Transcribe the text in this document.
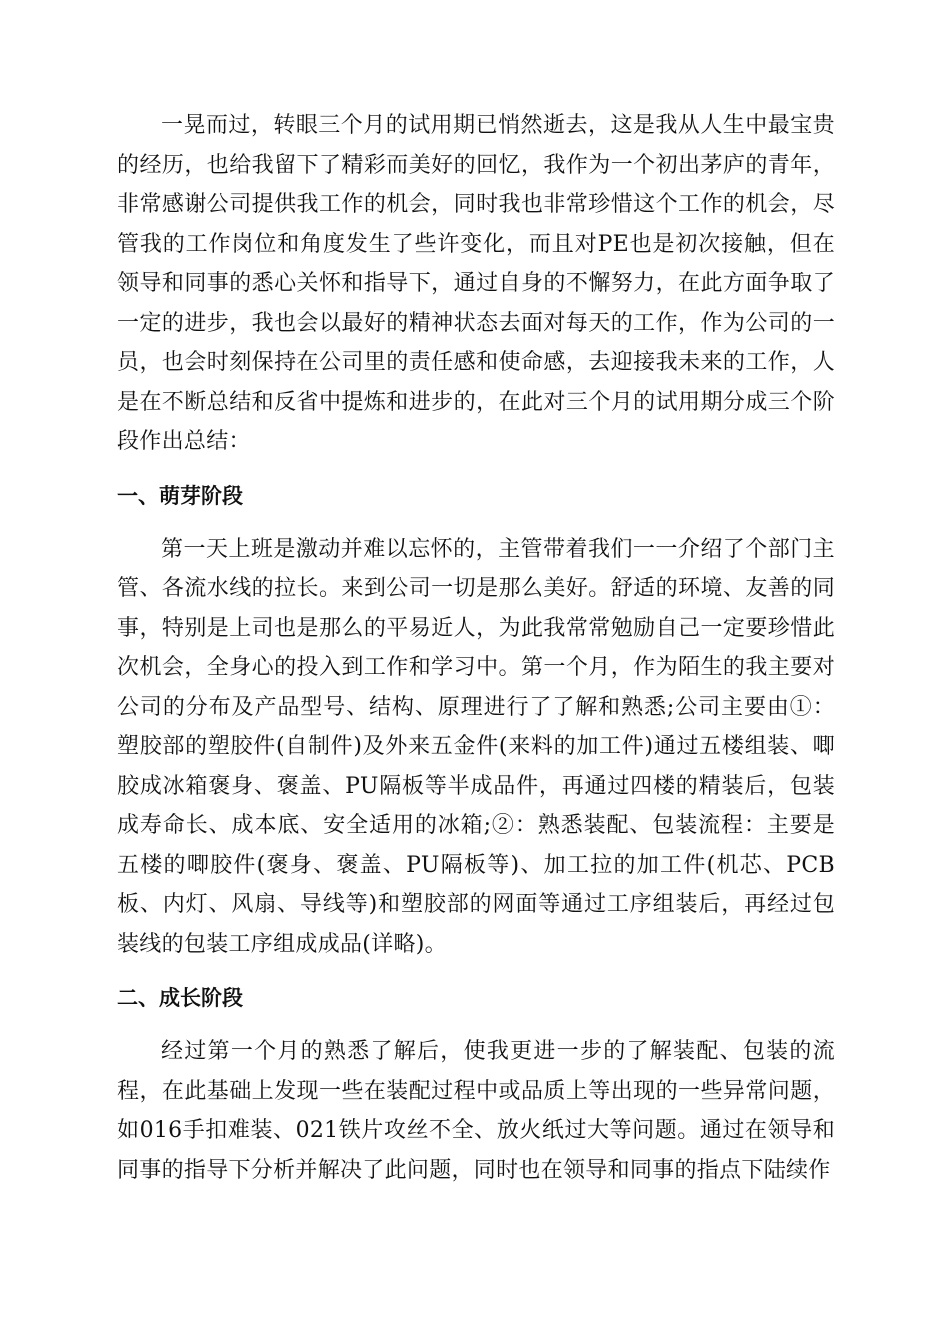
一晃而过，转眼三个月的试用期已悄然逝去，这是我从人生中最宝贵的经历，也给我留下了精彩而美好的回忆，我作为一个初出茅庐的青年，非常感谢公司提供我工作的机会，同时我也非常珍惜这个工作的机会，尽管我的工作岗位和角度发生了些许变化，而且对PE也是初次接触，但在领导和同事的悉心关怀和指导下，通过自身的不懈努力，在此方面争取了一定的进步，我也会以最好的精神状态去面对每天的工作，作为公司的一员，也会时刻保持在公司里的责任感和使命感，去迎接我未来的工作，人是在不断总结和反省中提炼和进步的，在此对三个月的试用期分成三个阶段作出总结：

一、萌芽阶段

第一天上班是激动并难以忘怀的，主管带着我们一一介绍了个部门主管、各流水线的拉长。来到公司一切是那么美好。舒适的环境、友善的同事，特别是上司也是那么的平易近人，为此我常常勉励自己一定要珍惜此次机会，全身心的投入到工作和学习中。第一个月，作为陌生的我主要对公司的分布及产品型号、结构、原理进行了了解和熟悉;公司主要由①：塑胶部的塑胶件(自制件)及外来五金件(来料的加工件)通过五楼组装、唧胶成冰箱褒身、褒盖、PU隔板等半成品件，再通过四楼的精装后，包装成寿命长、成本底、安全适用的冰箱;②：熟悉装配、包装流程：主要是五楼的唧胶件(褒身、褒盖、PU隔板等)、加工拉的加工件(机芯、PCB板、内灯、风扇、导线等)和塑胶部的网面等通过工序组装后，再经过包装线的包装工序组成成品(详略)。

二、成长阶段

经过第一个月的熟悉了解后，使我更进一步的了解装配、包装的流程，在此基础上发现一些在装配过程中或品质上等出现的一些异常问题，如016手扣难装、021铁片攻丝不全、放火纸过大等问题。通过在领导和同事的指导下分析并解决了此问题，同时也在领导和同事的指点下陆续作
